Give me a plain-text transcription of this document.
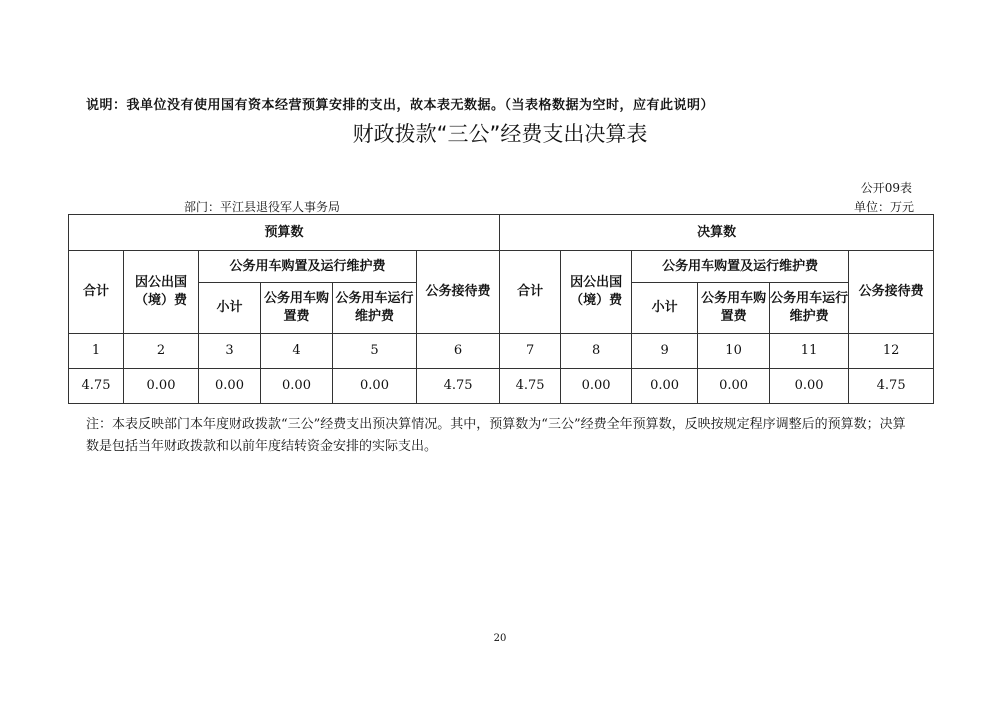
说明：我单位没有使用国有资本经营预算安排的支出，故本表无数据。（当表格数据为空时，应有此说明）
财政拨款“三公”经费支出决算表
公开09表
部门：平江县退役军人事务局	单位：万元
预算数						决算数					
合计	因公出国（境）费	公务用车购置及运行维护费			公务接待费	合计	因公出国（境）费	公务用车购置及运行维护费			公务接待费
		小计	公务用车购置费	公务用车运行维护费				小计	公务用车购置费	公务用车运行维护费	
1	2	3	4	5	6	7	8	9	10	11	12
4.75	0.00	0.00	0.00	0.00	4.75	4.75	0.00	0.00	0.00	0.00	4.75
注：本表反映部门本年度财政拨款“三公”经费支出预决算情况。其中，预算数为“三公”经费全年预算数，反映按规定程序调整后的预算数；决算数是包括当年财政拨款和以前年度结转资金安排的实际支出。
20
